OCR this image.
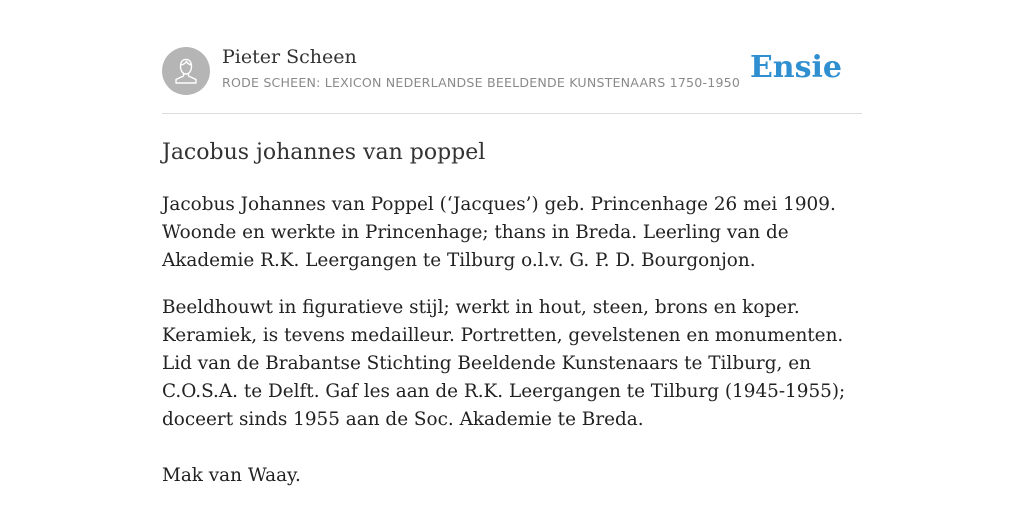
Pieter Scheen
RODE SCHEEN: LEXICON NEDERLANDSE BEELDENDE KUNSTENAARS 1750-1950 Ensie
Jacobus johannes van poppel

Jacobus Johannes van Poppel (‘Jacques’) geb. Princenhage 26 mei 1909. Woonde en werkte in Princenhage; thans in Breda. Leerling van de Akademie R.K. Leergangen te Tilburg o.l.v. G. P. D. Bourgonjon.

Beeldhouwt in figuratieve stijl; werkt in hout, steen, brons en koper. Keramiek, is tevens medailleur. Portretten, gevelstenen en monumenten. Lid van de Brabantse Stichting Beeldende Kunstenaars te Tilburg, en C.O.S.A. te Delft. Gaf les aan de R.K. Leergangen te Tilburg (1945-1955); doceert sinds 1955 aan de Soc. Akademie te Breda.

Mak van Waay.
